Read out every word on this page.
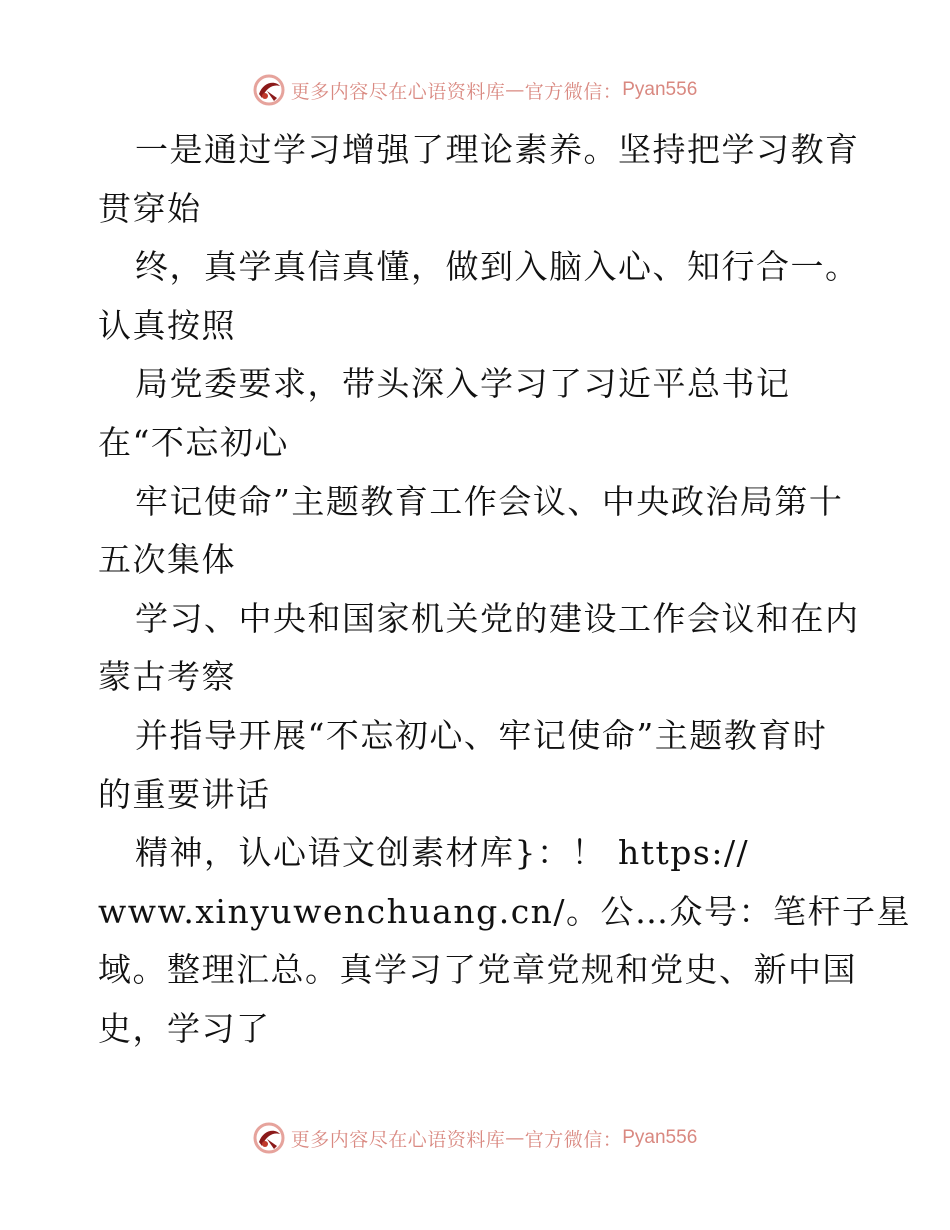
更多内容尽在心语资料库 — 官方微信： Pyan556
一是通过学习增强了理论素养。坚持把学习教育
贯穿始
终，真学真信真懂，做到入脑入心、知行合一。
认真按照
局党委要求，带头深入学习了习近平总书记
在“不忘初心
牢记使命”主题教育工作会议、中央政治局第十
五次集体
学习、中央和国家机关党的建设工作会议和在内
蒙古考察
并指导开展“不忘初心、牢记使命”主题教育时
的重要讲话
精神，认心语文创素材库}：！ https://
www.xinyuwenchuang.cn/。公…众号：笔杆子星
域。整理汇总。真学习了党章党规和党史、新中国
史，学习了
更多内容尽在心语资料库 — 官方微信： Pyan556
